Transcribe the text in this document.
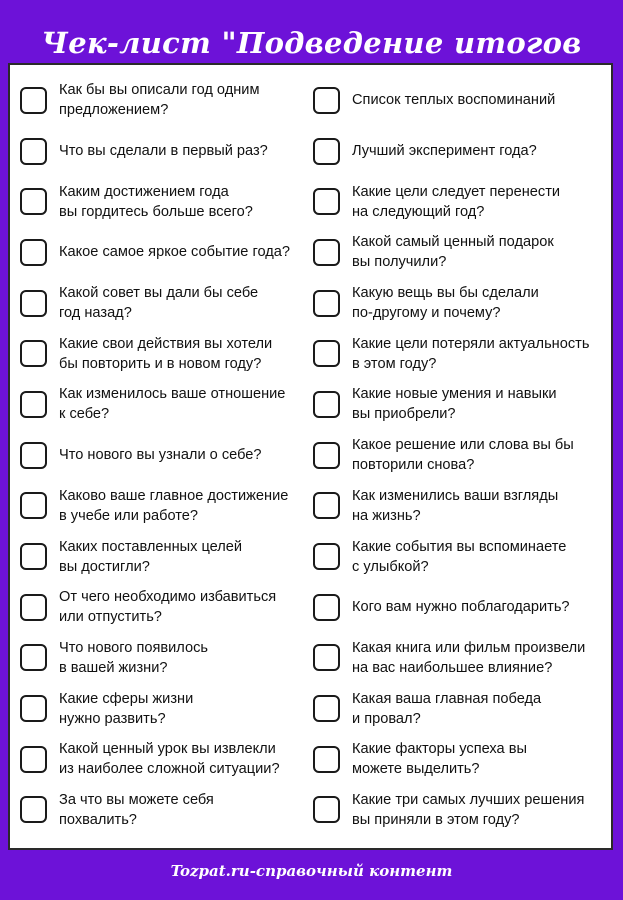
Чек-лист "Подведение итогов
Как бы вы описали год одним
предложением?
Список теплых воспоминаний
Что вы сделали в первый раз?	Лучший эксперимент года?
Каким достижением года
вы гордитесь больше всего?
Какие цели следует перенести
на следующий год?
Какое самое яркое событие года?
Какой самый ценный подарок
вы получили?
Какой совет вы дали бы себе
год назад?
Какую вещь вы бы сделали
по-другому и почему?
Какие свои действия вы хотели
бы повторить и в новом году?
Какие цели потеряли актуальность
в этом году?
Как изменилось ваше отношение
к себе?
Какие новые умения и навыки
вы приобрели?
Что нового вы узнали о себе?
Какое решение или слова вы бы
повторили снова?
Каково ваше главное достижение
в учебе или работе?
Как изменились ваши взгляды
на жизнь?
Каких поставленных целей
вы достигли?
Какие события вы вспоминаете
с улыбкой?
От чего необходимо избавиться
или отпустить?
Кого вам нужно поблагодарить?
Что нового появилось
в вашей жизни?
Какая книга или фильм произвели
на вас наибольшее влияние?
Какие сферы жизни
нужно развить?
Какая ваша главная победа
и провал?
Какой ценный урок вы извлекли
из наиболее сложной ситуации?
Какие факторы успеха вы
можете выделить?
За что вы можете себя
похвалить?
Какие три самых лучших решения
вы приняли в этом году?
Tozpat.ru-справочный контент
